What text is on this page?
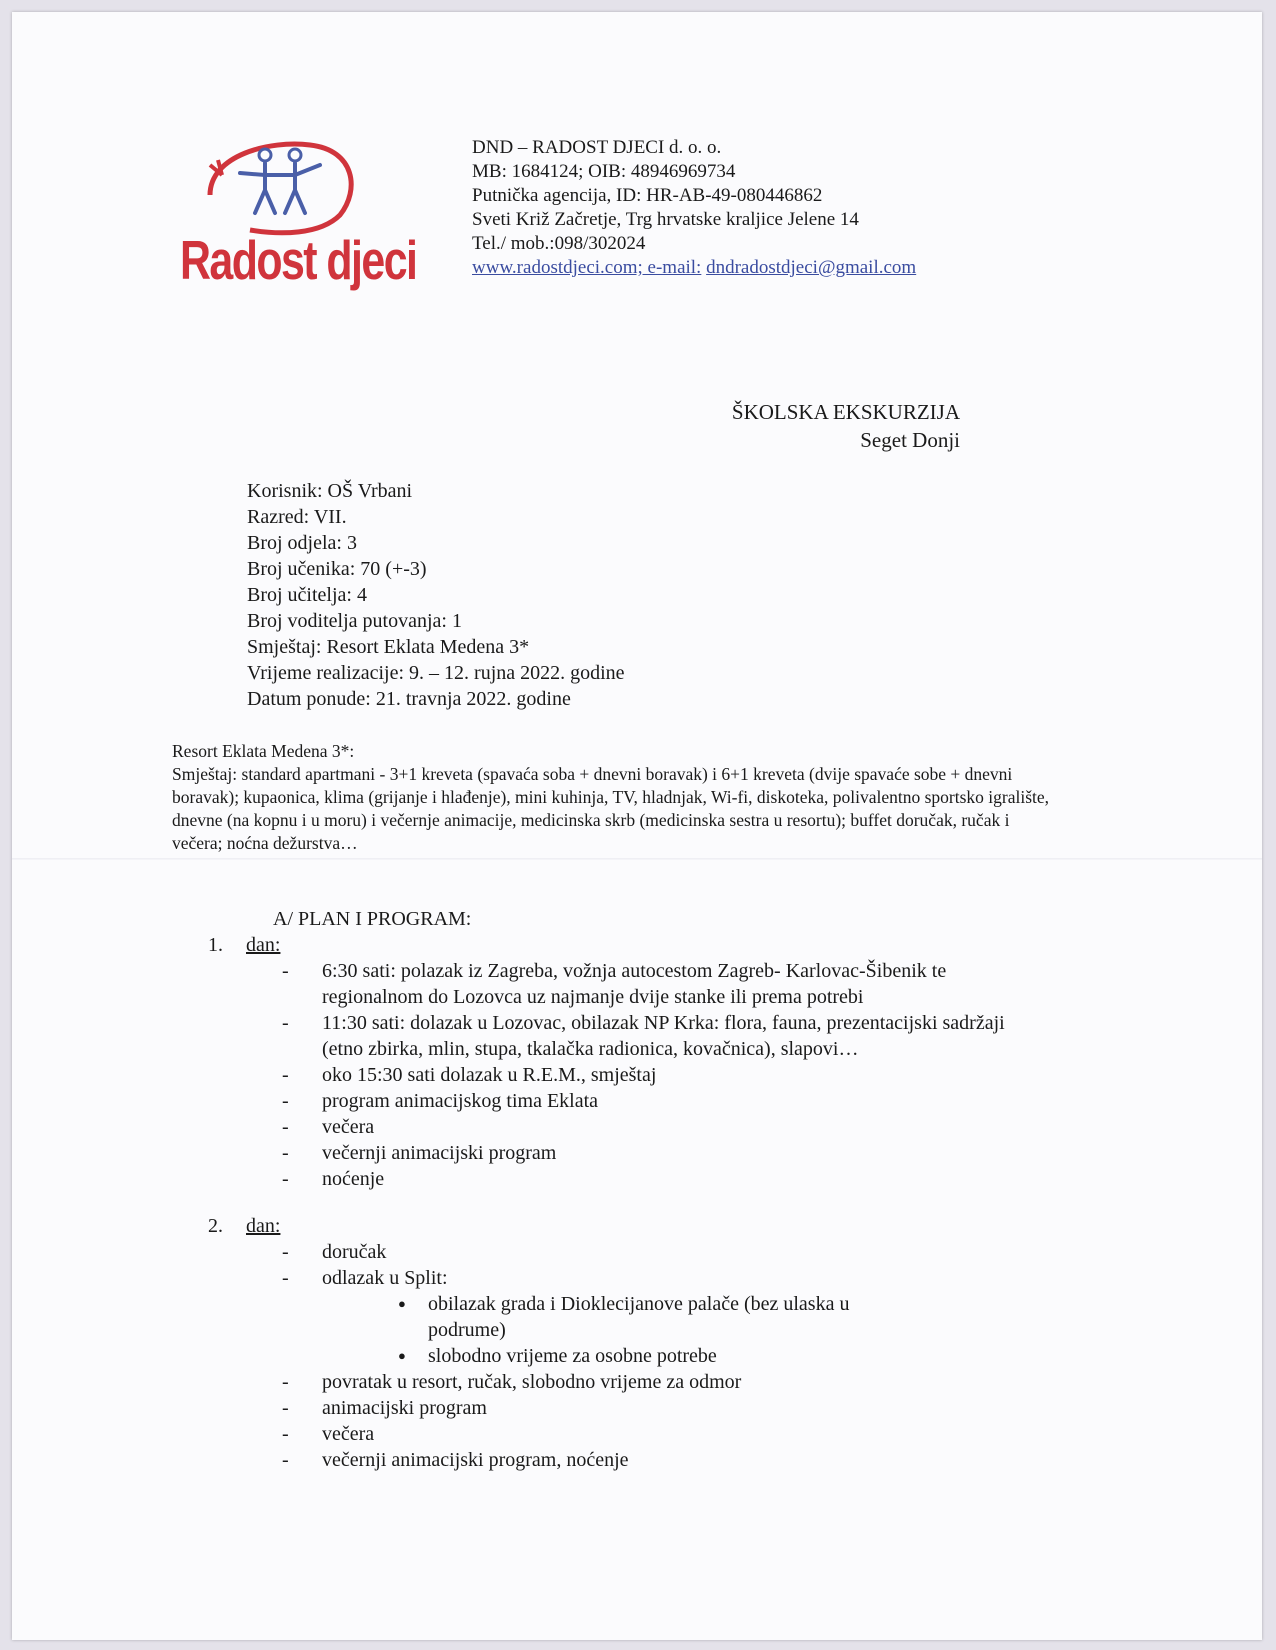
Radost djeci
DND – RADOST DJECI d. o. o.
MB: 1684124; OIB: 48946969734
Putnička agencija, ID: HR-AB-49-080446862
Sveti Križ Začretje, Trg hrvatske kraljice Jelene 14
Tel./ mob.:098/302024
www.radostdjeci.com; e-mail: dndradostdjeci@gmail.com
ŠKOLSKA EKSKURZIJA
Seget Donji
Korisnik: OŠ Vrbani
Razred: VII.
Broj odjela: 3
Broj učenika: 70 (+-3)
Broj učitelja: 4
Broj voditelja putovanja: 1
Smještaj: Resort Eklata Medena 3*
Vrijeme realizacije: 9. – 12. rujna 2022. godine
Datum ponude: 21. travnja 2022. godine
Resort Eklata Medena 3*:
Smještaj: standard apartmani - 3+1 kreveta (spavaća soba + dnevni boravak) i 6+1 kreveta (dvije spavaće sobe + dnevni boravak); kupaonica, klima (grijanje i hlađenje), mini kuhinja, TV, hladnjak, Wi-fi, diskoteka, polivalentno sportsko igralište, dnevne (na kopnu i u moru) i večernje animacije, medicinska skrb (medicinska sestra u resortu); buffet doručak, ručak i večera; noćna dežurstva…
A/ PLAN I PROGRAM:
1. dan:
- 6:30 sati: polazak iz Zagreba, vožnja autocestom Zagreb- Karlovac-Šibenik te regionalnom do Lozovca uz najmanje dvije stanke ili prema potrebi
- 11:30 sati: dolazak u Lozovac, obilazak NP Krka: flora, fauna, prezentacijski sadržaji (etno zbirka, mlin, stupa, tkalačka radionica, kovačnica), slapovi…
- oko 15:30 sati dolazak u R.E.M., smještaj
- program animacijskog tima Eklata
- večera
- večernji animacijski program
- noćenje
2. dan:
- doručak
- odlazak u Split:
● obilazak grada i Dioklecijanove palače (bez ulaska u podrume)
● slobodno vrijeme za osobne potrebe
- povratak u resort, ručak, slobodno vrijeme za odmor
- animacijski program
- večera
- večernji animacijski program, noćenje
